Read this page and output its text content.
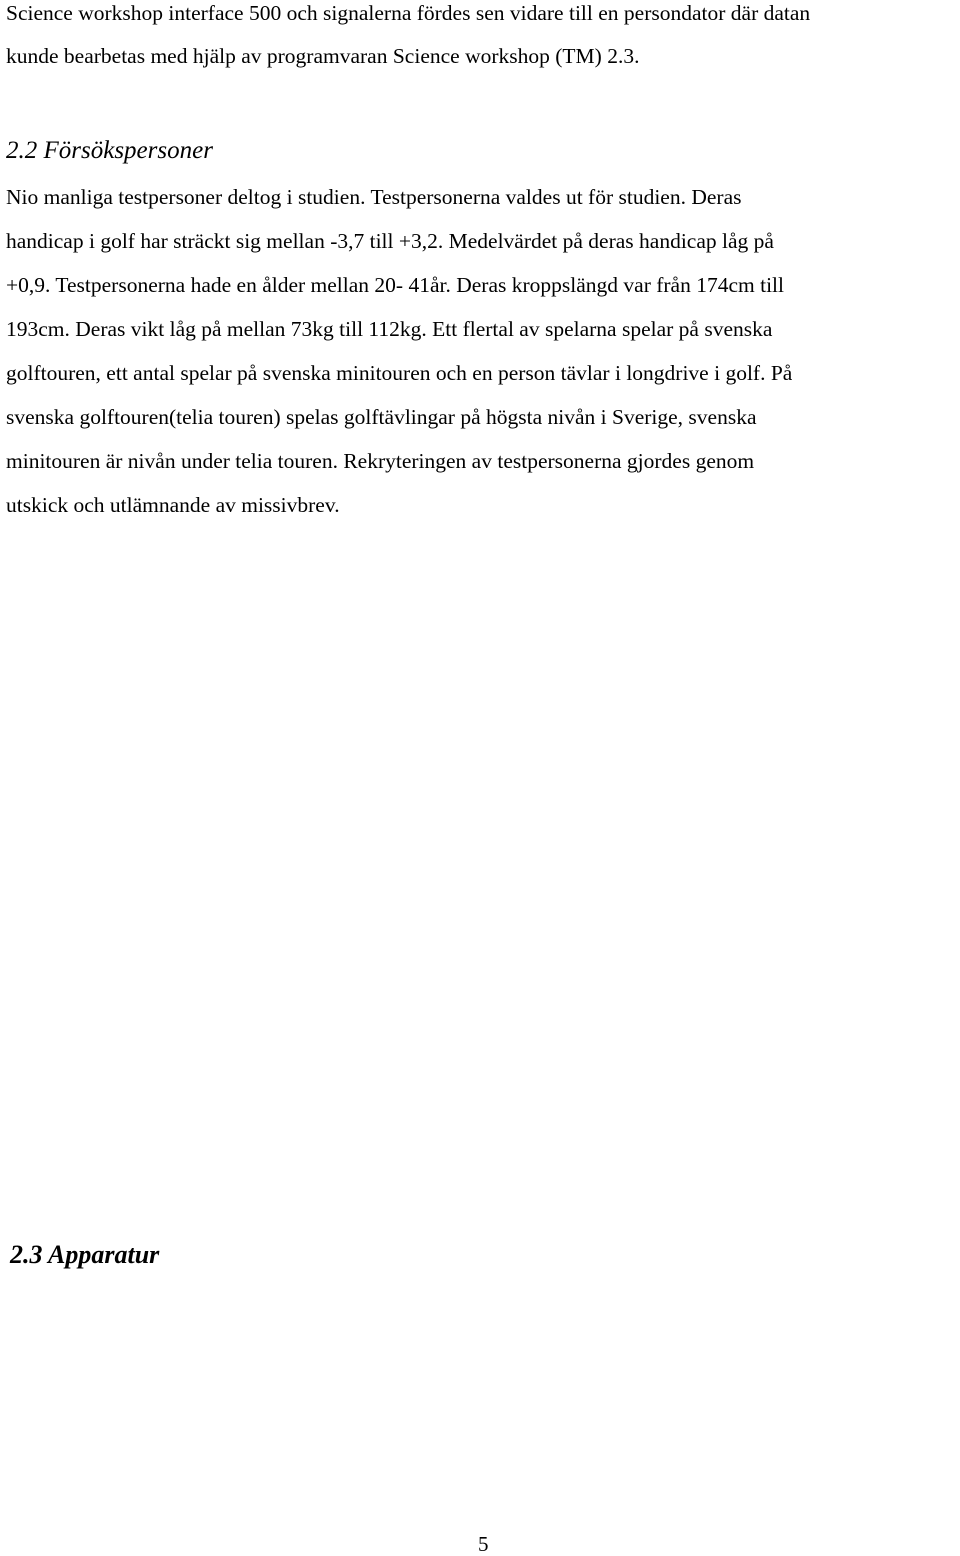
Science workshop interface 500 och signalerna fördes sen vidare till en persondator där datan
kunde bearbetas med hjälp av programvaran Science workshop (TM) 2.3.
2.2 Försökspersoner
Nio manliga testpersoner deltog i studien. Testpersonerna valdes ut för studien. Deras
handicap i golf har sträckt sig mellan -3,7 till +3,2. Medelvärdet på deras handicap låg på
+0,9. Testpersonerna hade en ålder mellan 20- 41år. Deras kroppslängd var från 174cm till
193cm. Deras vikt låg på mellan 73kg till 112kg. Ett flertal av spelarna spelar på svenska
golftouren, ett antal spelar på svenska minitouren och en person tävlar i longdrive i golf. På
svenska golftouren(telia touren) spelas golftävlingar på högsta nivån i Sverige, svenska
minitouren är nivån under telia touren. Rekryteringen av testpersonerna gjordes genom
utskick och utlämnande av missivbrev.
2.3 Apparatur
5
